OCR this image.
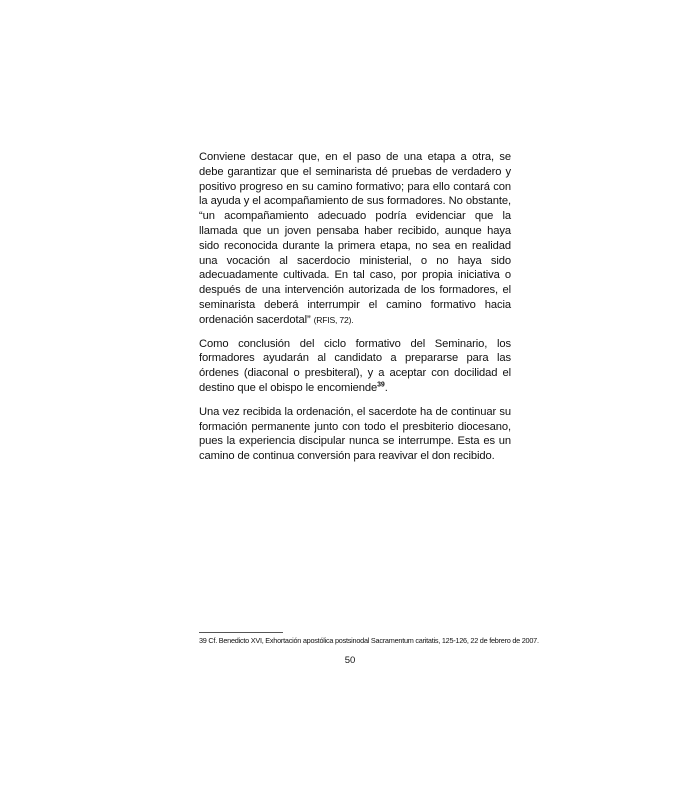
Conviene destacar que, en el paso de una etapa a otra, se debe garantizar que el seminarista dé pruebas de verdadero y positivo progreso en su camino formativo; para ello contará con la ayuda y el acompañamiento de sus formadores. No obstante, “un acompañamiento adecuado podría evidenciar que la llamada que un joven pensaba haber recibido, aunque haya sido reconocida durante la primera etapa, no sea en realidad una vocación al sacerdocio ministerial, o no haya sido adecuadamente cultivada. En tal caso, por propia iniciativa o después de una intervención autorizada de los formadores, el seminarista deberá interrumpir el camino formativo hacia ordenación sacerdotal” (RFIS, 72).

Como conclusión del ciclo formativo del Seminario, los formadores ayudarán al candidato a prepararse para las órdenes (diaconal o presbiteral), y a aceptar con docilidad el destino que el obispo le encomiende$^{39}$.

Una vez recibida la ordenación, el sacerdote ha de continuar su formación permanente junto con todo el presbiterio diocesano, pues la experiencia discipular nunca se interrumpe. Esta es un camino de continua conversión para reavivar el don recibido.

39 Cf. Benedicto XVI, Exhortación apostólica postsinodal Sacramentum caritatis, 125-126, 22 de febrero de 2007.
50
